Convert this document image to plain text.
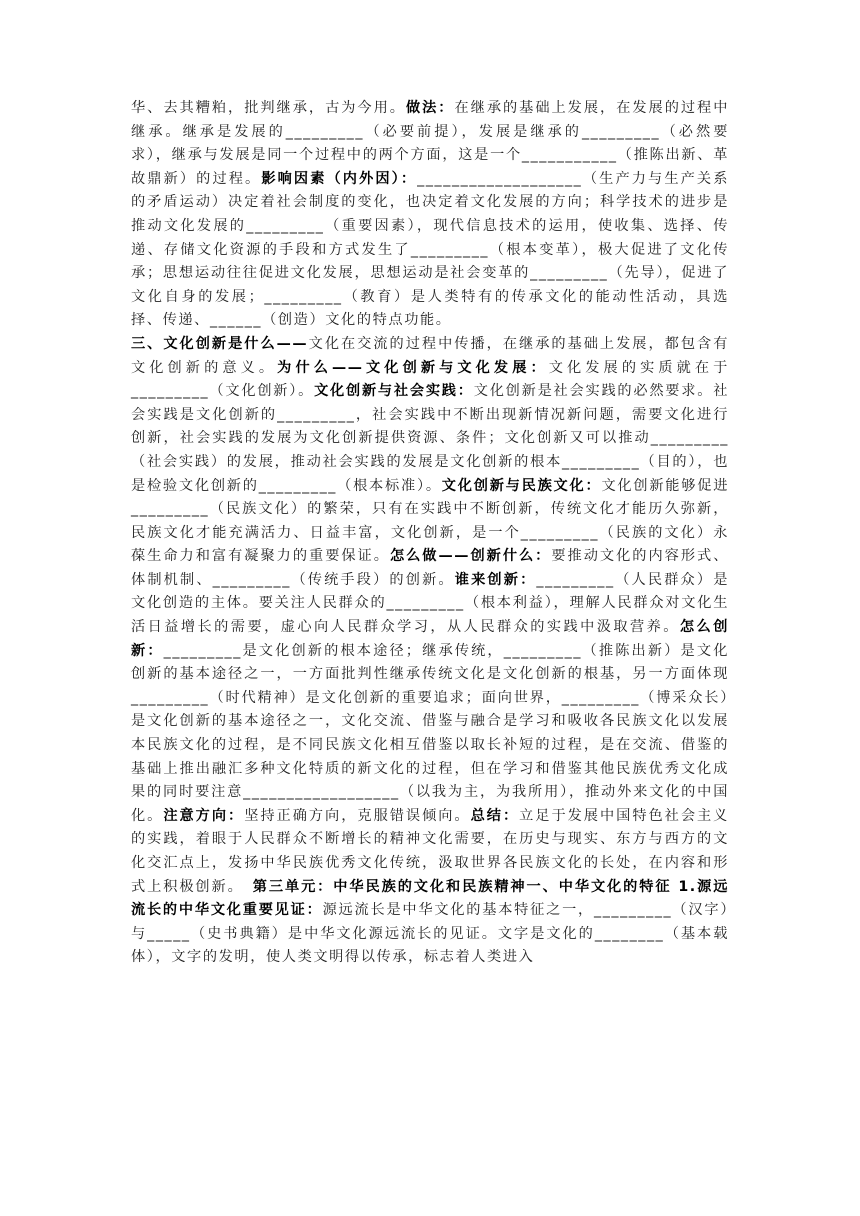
华、去其糟粕，批判继承，古为今用。做法：在继承的基础上发展，在发展的过程中继承。继承是发展的_________（必要前提），发展是继承的_________（必然要求），继承与发展是同一个过程中的两个方面，这是一个___________（推陈出新、革故鼎新）的过程。影响因素（内外因）：___________________（生产力与生产关系的矛盾运动）决定着社会制度的变化，也决定着文化发展的方向；科学技术的进步是推动文化发展的_________（重要因素），现代信息技术的运用，使收集、选择、传递、存储文化资源的手段和方式发生了_________（根本变革），极大促进了文化传承；思想运动往往促进文化发展，思想运动是社会变革的_________（先导），促进了文化自身的发展；_________（教育）是人类特有的传承文化的能动性活动，具选择、传递、______（创造）文化的特点功能。

三、文化创新是什么——文化在交流的过程中传播，在继承的基础上发展，都包含有文化创新的意义。为什么——文化创新与文化发展：文化发展的实质就在于_________（文化创新）。文化创新与社会实践：文化创新是社会实践的必然要求。社会实践是文化创新的_________，社会实践中不断出现新情况新问题，需要文化进行创新，社会实践的发展为文化创新提供资源、条件；文化创新又可以推动_________（社会实践）的发展，推动社会实践的发展是文化创新的根本_________（目的），也是检验文化创新的_________（根本标准）。文化创新与民族文化：文化创新能够促进_________（民族文化）的繁荣，只有在实践中不断创新，传统文化才能历久弥新，民族文化才能充满活力、日益丰富，文化创新，是一个_________（民族的文化）永葆生命力和富有凝聚力的重要保证。怎么做——创新什么：要推动文化的内容形式、体制机制、_________（传统手段）的创新。谁来创新：_________（人民群众）是文化创造的主体。要关注人民群众的_________（根本利益），理解人民群众对文化生活日益增长的需要，虚心向人民群众学习，从人民群众的实践中汲取营养。怎么创新：_________是文化创新的根本途径；继承传统，_________（推陈出新）是文化创新的基本途径之一，一方面批判性继承传统文化是文化创新的根基，另一方面体现_________（时代精神）是文化创新的重要追求；面向世界，_________（博采众长）是文化创新的基本途径之一，文化交流、借鉴与融合是学习和吸收各民族文化以发展本民族文化的过程，是不同民族文化相互借鉴以取长补短的过程，是在交流、借鉴的基础上推出融汇多种文化特质的新文化的过程，但在学习和借鉴其他民族优秀文化成果的同时要注意__________________（以我为主，为我所用），推动外来文化的中国化。注意方向：坚持正确方向，克服错误倾向。总结：立足于发展中国特色社会主义的实践，着眼于人民群众不断增长的精神文化需要，在历史与现实、东方与西方的文化交汇点上，发扬中华民族优秀文化传统，汲取世界各民族文化的长处，在内容和形式上积极创新。　第三单元：中华民族的文化和民族精神一、中华文化的特征 1.源远流长的中华文化重要见证：源远流长是中华文化的基本特征之一，_________（汉字）与_____（史书典籍）是中华文化源远流长的见证。文字是文化的________（基本载体），文字的发明，使人类文明得以传承，标志着人类进入
